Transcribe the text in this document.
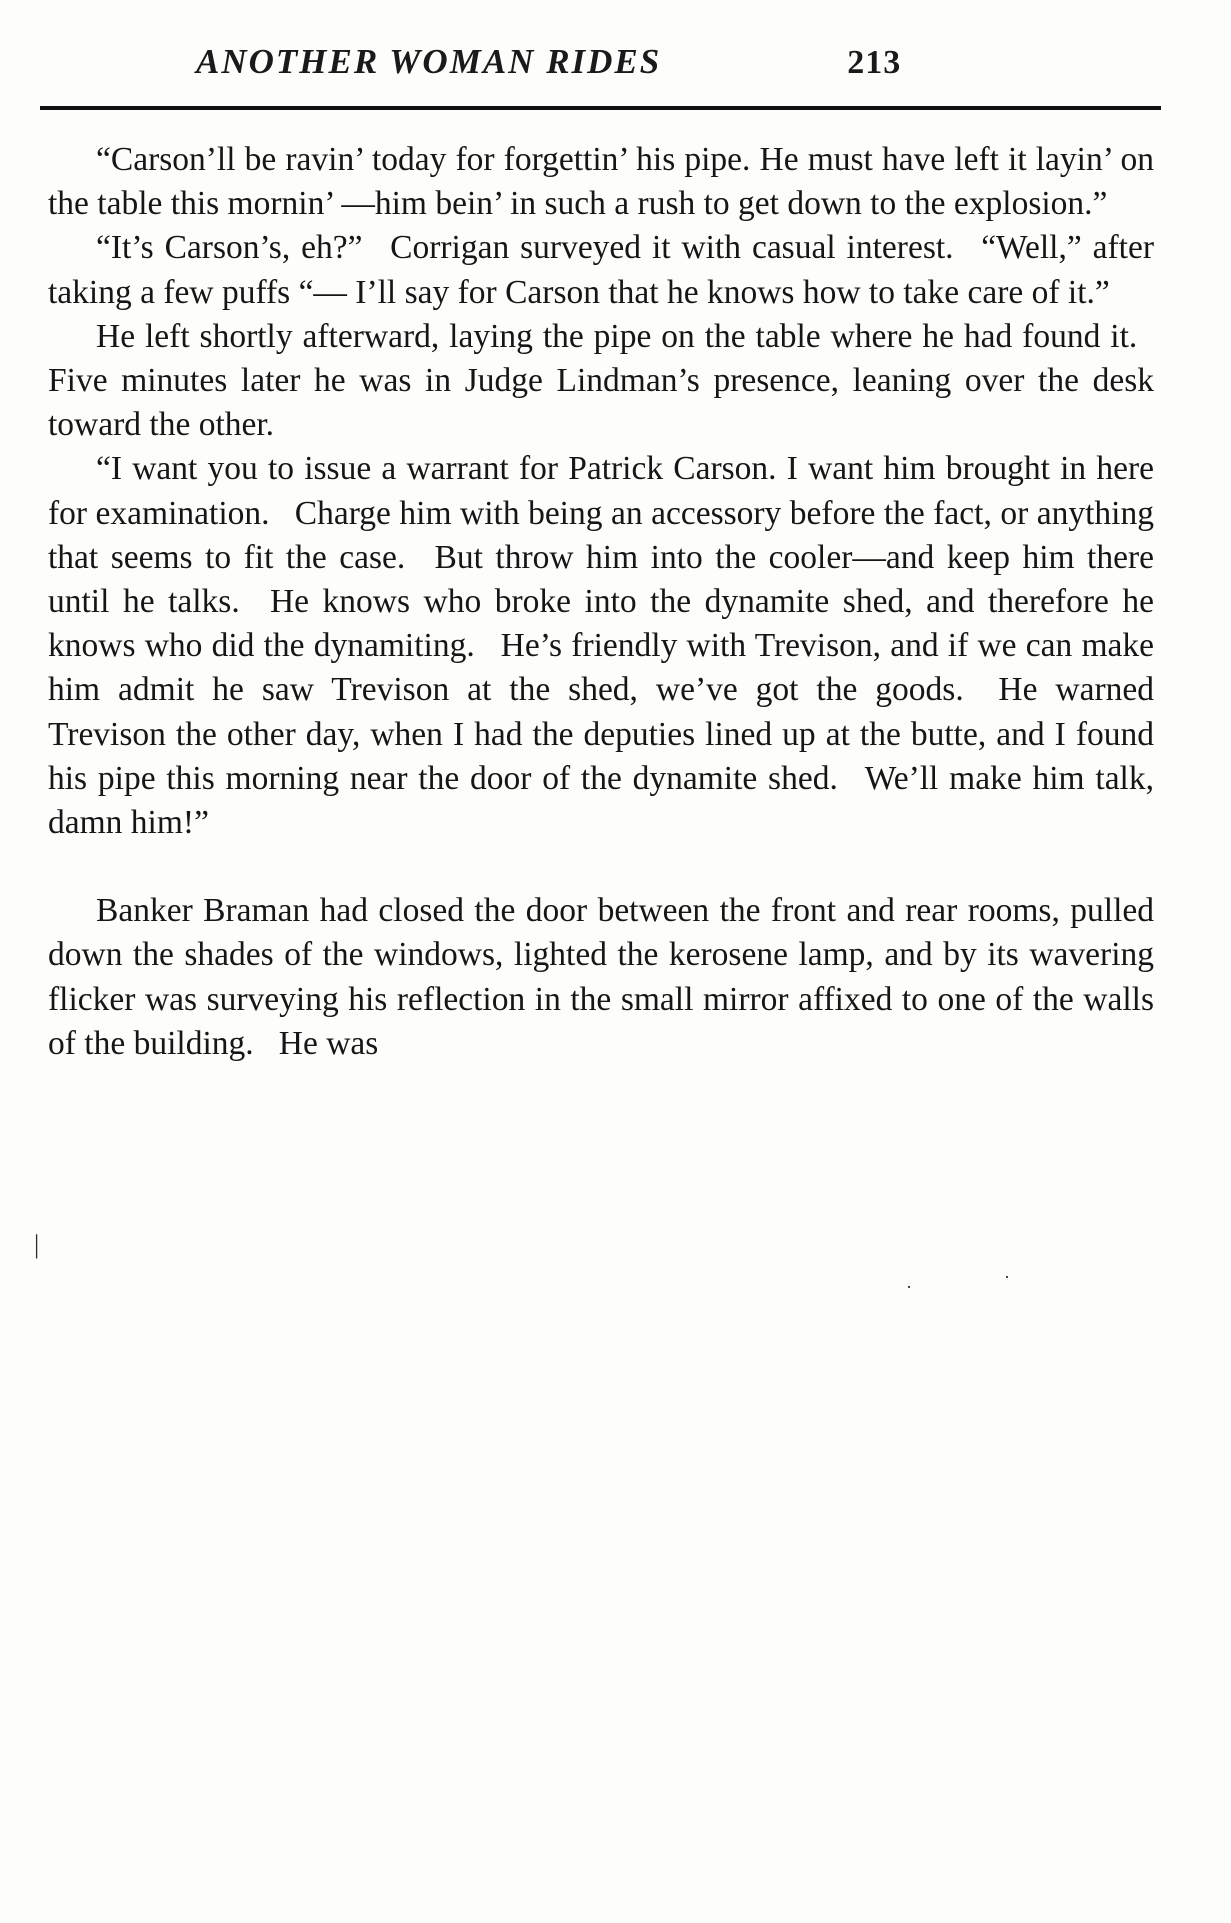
ANOTHER WOMAN RIDES	213

“Carson’ll be ravin’ today for forgettin’ his pipe. He must have left it layin’ on the table this mornin’ —him bein’ in such a rush to get down to the explosion.”

“It’s Carson’s, eh?”  Corrigan surveyed it with casual interest.  “Well,” after taking a few puffs “— I’ll say for Carson that he knows how to take care of it.”

He left shortly afterward, laying the pipe on the table where he had found it.  Five minutes later he was in Judge Lindman’s presence, leaning over the desk toward the other.

“I want you to issue a warrant for Patrick Carson. I want him brought in here for examination.  Charge him with being an accessory before the fact, or anything that seems to fit the case.  But throw him into the cooler—and keep him there until he talks.  He knows who broke into the dynamite shed, and therefore he knows who did the dynamiting.  He’s friendly with Trevison, and if we can make him admit he saw Trevison at the shed, we’ve got the goods.  He warned Trevison the other day, when I had the deputies lined up at the butte, and I found his pipe this morning near the door of the dynamite shed.  We’ll make him talk, damn him!”

Banker Braman had closed the door between the front and rear rooms, pulled down the shades of the windows, lighted the kerosene lamp, and by its wavering flicker was surveying his reflection in the small mirror affixed to one of the walls of the building.  He was

|
·	·
